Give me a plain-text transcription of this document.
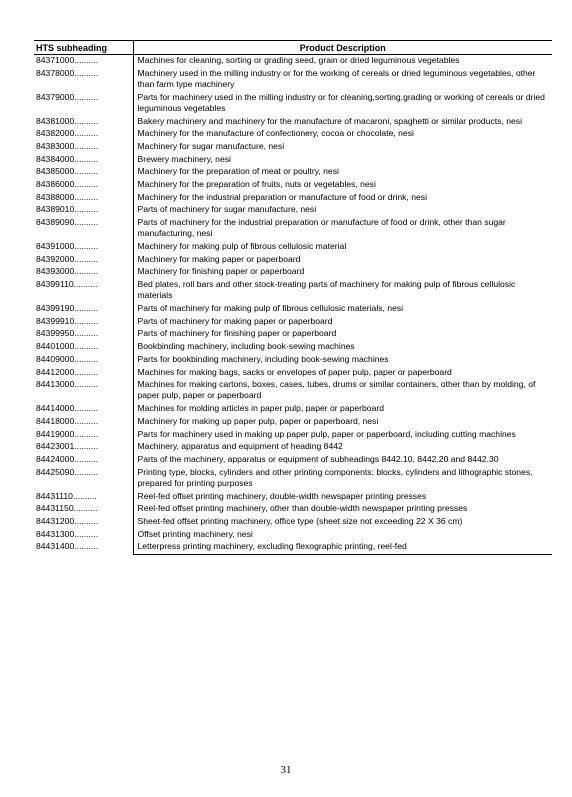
HTS subheading	Product Description
84371000..........	Machines for cleaning, sorting or grading seed, grain or dried leguminous vegetables
84378000..........	Machinery used in the milling industry or for the working of cereals or dried leguminous vegetables, other than farm type machinery
84379000..........	Parts for machinery used in the milling industry or for cleaning,sorting,grading or working of cereals or dried leguminous vegetables
84381000..........	Bakery machinery and machinery for the manufacture of macaroni, spaghetti or similar products, nesi
84382000..........	Machinery for the manufacture of confectionery, cocoa or chocolate, nesi
84383000..........	Machinery for sugar manufacture, nesi
84384000..........	Brewery machinery, nesi
84385000..........	Machinery for the preparation of meat or poultry, nesi
84386000..........	Machinery for the preparation of fruits, nuts or vegetables, nesi
84388000..........	Machinery for the industrial preparation or manufacture of food or drink, nesi
84389010..........	Parts of machinery for sugar manufacture, nesi
84389090..........	Parts of machinery for the industrial preparation or manufacture of food or drink, other than sugar manufacturing, nesi
84391000..........	Machinery for making pulp of fibrous cellulosic material
84392000..........	Machinery for making paper or paperboard
84393000..........	Machinery for finishing paper or paperboard
84399110..........	Bed plates, roll bars and other stock-treating parts of machinery for making pulp of fibrous cellulosic materials
84399190..........	Parts of machinery for making pulp of fibrous cellulosic materials, nesi
84399910..........	Parts of machinery for making paper or paperboard
84399950..........	Parts of machinery for finishing paper or paperboard
84401000..........	Bookbinding machinery, including book-sewing machines
84409000..........	Parts for bookbinding machinery, including book-sewing machines
84412000..........	Machines for making bags, sacks or envelopes of paper pulp, paper or paperboard
84413000..........	Machines for making cartons, boxes, cases, tubes, drums or similar containers, other than by molding, of paper pulp, paper or paperboard
84414000..........	Machines for molding articles in paper pulp, paper or paperboard
84418000..........	Machinery for making up paper pulp, paper or paperboard, nesi
84419000..........	Parts for machinery used in making up paper pulp, paper or paperboard, including cutting machines
84423001..........	Machinery, apparatus and equipment of heading 8442
84424000..........	Parts of the machinery, apparatus or equipment of subheadings 8442.10, 8442.20 and 8442.30
84425090..........	Printing type, blocks, cylinders and other printing components; blocks, cylinders and lithographic stones, prepared for printing purposes
84431110..........	Reel-fed offset printing machinery, double-width newspaper printing presses
84431150..........	Reel-fed offset printing machinery, other than double-width newspaper printing presses
84431200..........	Sheet-fed offset printing machinery, office type (sheet size not exceeding 22 X 36 cm)
84431300..........	Offset printing machinery, nesi
84431400..........	Letterpress printing machinery, excluding flexographic printing, reel-fed
31
